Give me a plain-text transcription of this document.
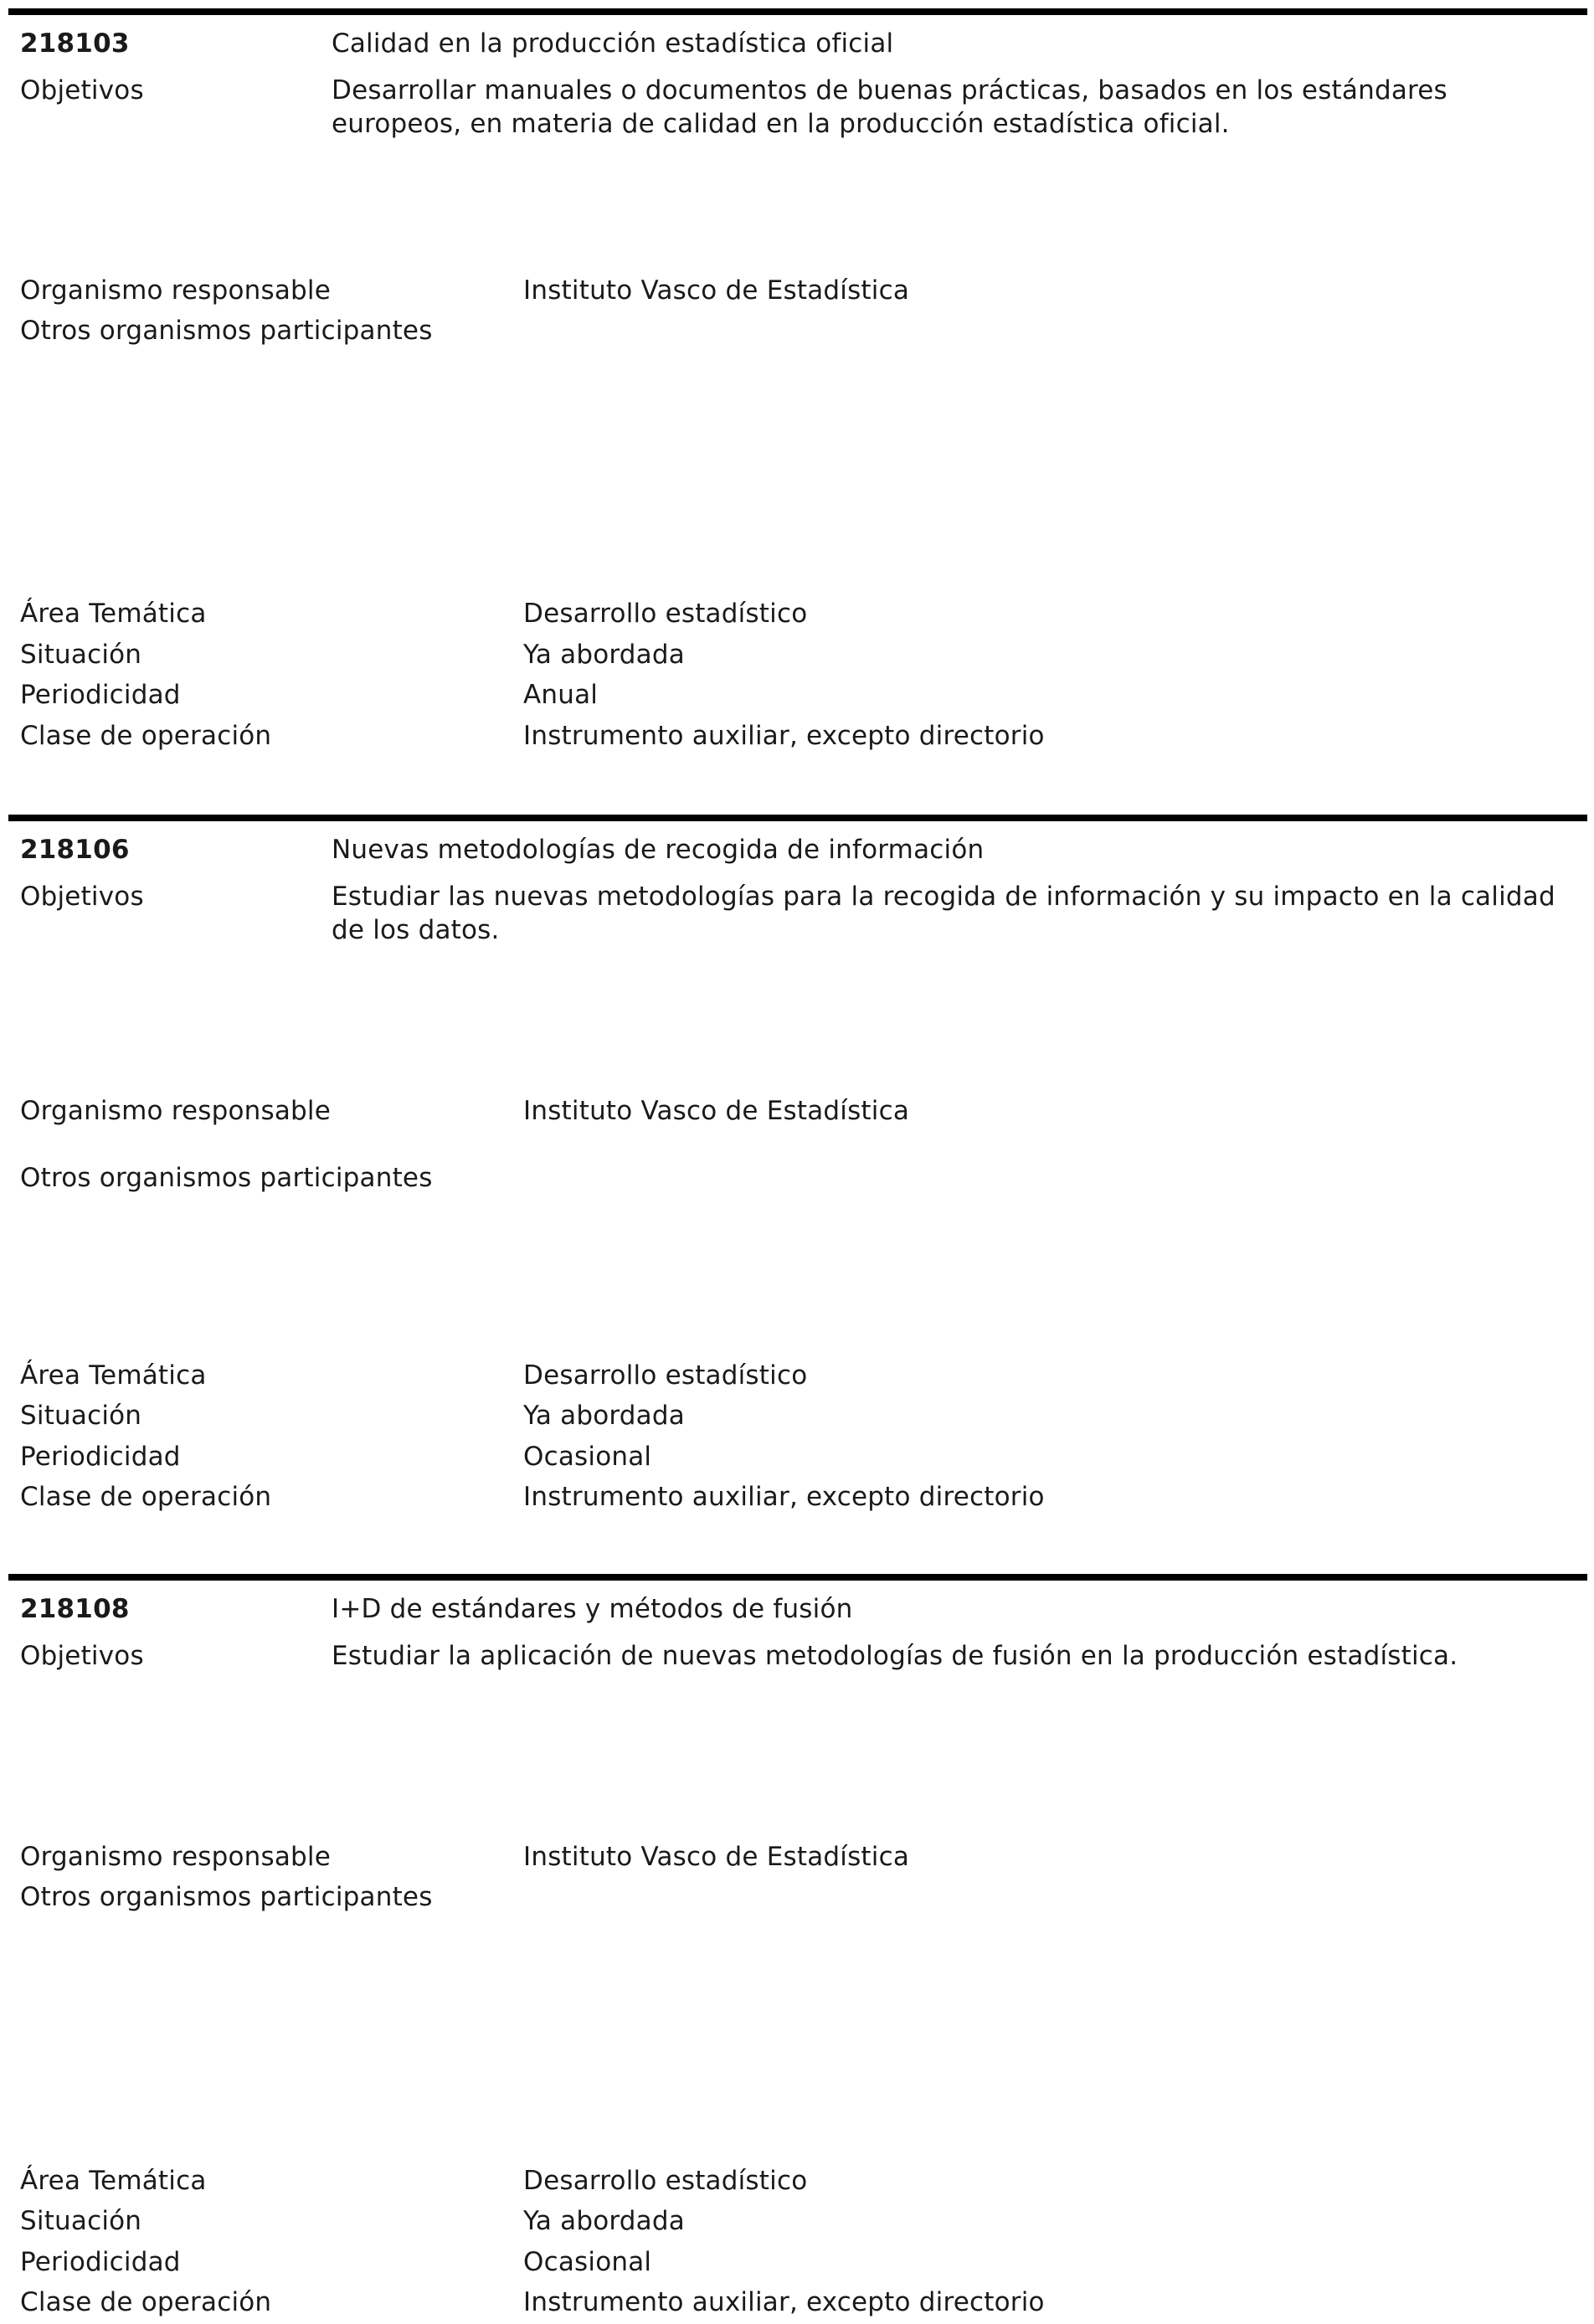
218103	Calidad en la producción estadística oficial
Objetivos	Desarrollar manuales o documentos de buenas prácticas, basados en los estándares
europeos, en materia de calidad en la producción estadística oficial.
Organismo responsable	Instituto Vasco de Estadística
Otros organismos participantes
Área Temática	Desarrollo estadístico
Situación	Ya abordada
Periodicidad	Anual
Clase de operación	Instrumento auxiliar, excepto directorio
218106	Nuevas metodologías de recogida de información
Objetivos	Estudiar las nuevas metodologías para la recogida de información y su impacto en la calidad
de los datos.
Organismo responsable	Instituto Vasco de Estadística
Otros organismos participantes
Área Temática	Desarrollo estadístico
Situación	Ya abordada
Periodicidad	Ocasional
Clase de operación	Instrumento auxiliar, excepto directorio
218108	I+D de estándares y métodos de fusión
Objetivos	Estudiar la aplicación de nuevas metodologías de fusión en la producción estadística.
Organismo responsable	Instituto Vasco de Estadística
Otros organismos participantes
Área Temática	Desarrollo estadístico
Situación	Ya abordada
Periodicidad	Ocasional
Clase de operación	Instrumento auxiliar, excepto directorio
